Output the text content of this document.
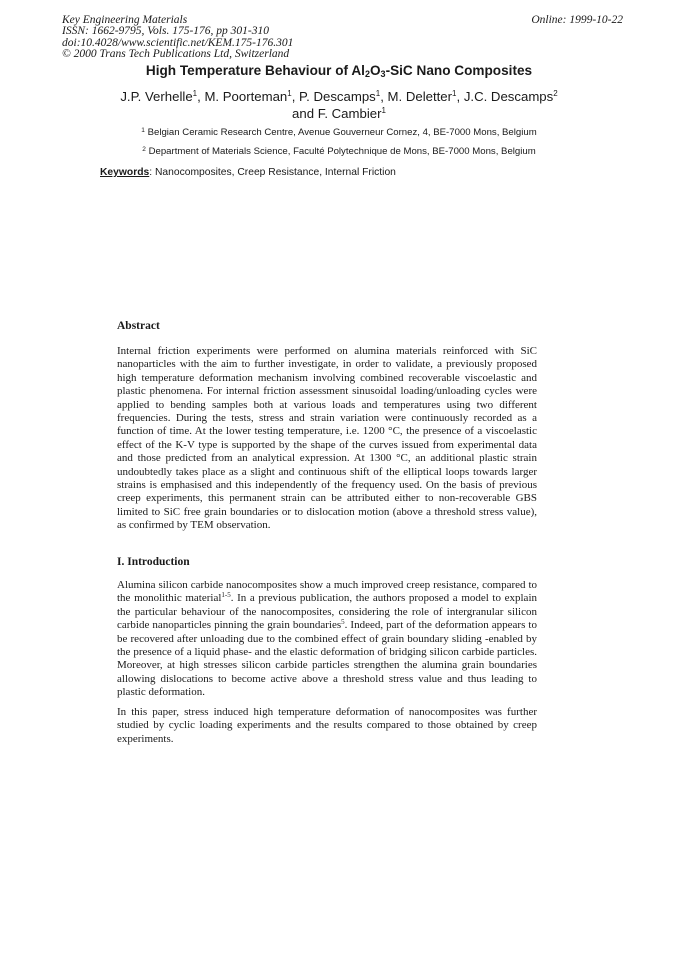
Key Engineering Materials
ISSN: 1662-9795, Vols. 175-176, pp 301-310
doi:10.4028/www.scientific.net/KEM.175-176.301
© 2000 Trans Tech Publications Ltd, Switzerland
Online: 1999-10-22
High Temperature Behaviour of $Al_2O_3$-SiC Nano Composites
J.P. Verhelle$^1$, M. Poorteman$^1$, P. Descamps$^1$, M. Deletter$^1$, J.C. Descamps$^2$
and F. Cambier$^1$
$^1$ Belgian Ceramic Research Centre, Avenue Gouverneur Cornez, 4, BE-7000 Mons, Belgium
$^2$ Department of Materials Science, Faculté Polytechnique de Mons, BE-7000 Mons, Belgium
Keywords: Nanocomposites, Creep Resistance, Internal Friction
Abstract
Internal friction experiments were performed on alumina materials reinforced with SiC nanoparticles with the aim to further investigate, in order to validate, a previously proposed high temperature deformation mechanism involving combined recoverable viscoelastic and plastic phenomena. For internal friction assessment sinusoidal loading/unloading cycles were applied to bending samples both at various loads and temperatures using two different frequencies. During the tests, stress and strain variation were continuously recorded as a function of time. At the lower testing temperature, i.e. 1200 °C, the presence of a viscoelastic effect of the K-V type is supported by the shape of the curves issued from experimental data and those predicted from an analytical expression. At 1300 °C, an additional plastic strain undoubtedly takes place as a slight and continuous shift of the elliptical loops towards larger strains is emphasised and this independently of the frequency used. On the basis of previous creep experiments, this permanent strain can be attributed either to non-recoverable GBS limited to SiC free grain boundaries or to dislocation motion (above a threshold stress value), as confirmed by TEM observation.
I. Introduction
Alumina silicon carbide nanocomposites show a much improved creep resistance, compared to the monolithic material$^{1-5}$. In a previous publication, the authors proposed a model to explain the particular behaviour of the nanocomposites, considering the role of intergranular silicon carbide nanoparticles pinning the grain boundaries$^5$. Indeed, part of the deformation appears to be recovered after unloading due to the combined effect of grain boundary sliding -enabled by the presence of a liquid phase- and the elastic deformation of bridging silicon carbide particles. Moreover, at high stresses silicon carbide particles strengthen the alumina grain boundaries allowing dislocations to become active above a threshold stress value and thus leading to plastic deformation.
In this paper, stress induced high temperature deformation of nanocomposites was further studied by cyclic loading experiments and the results compared to those obtained by creep experiments.
